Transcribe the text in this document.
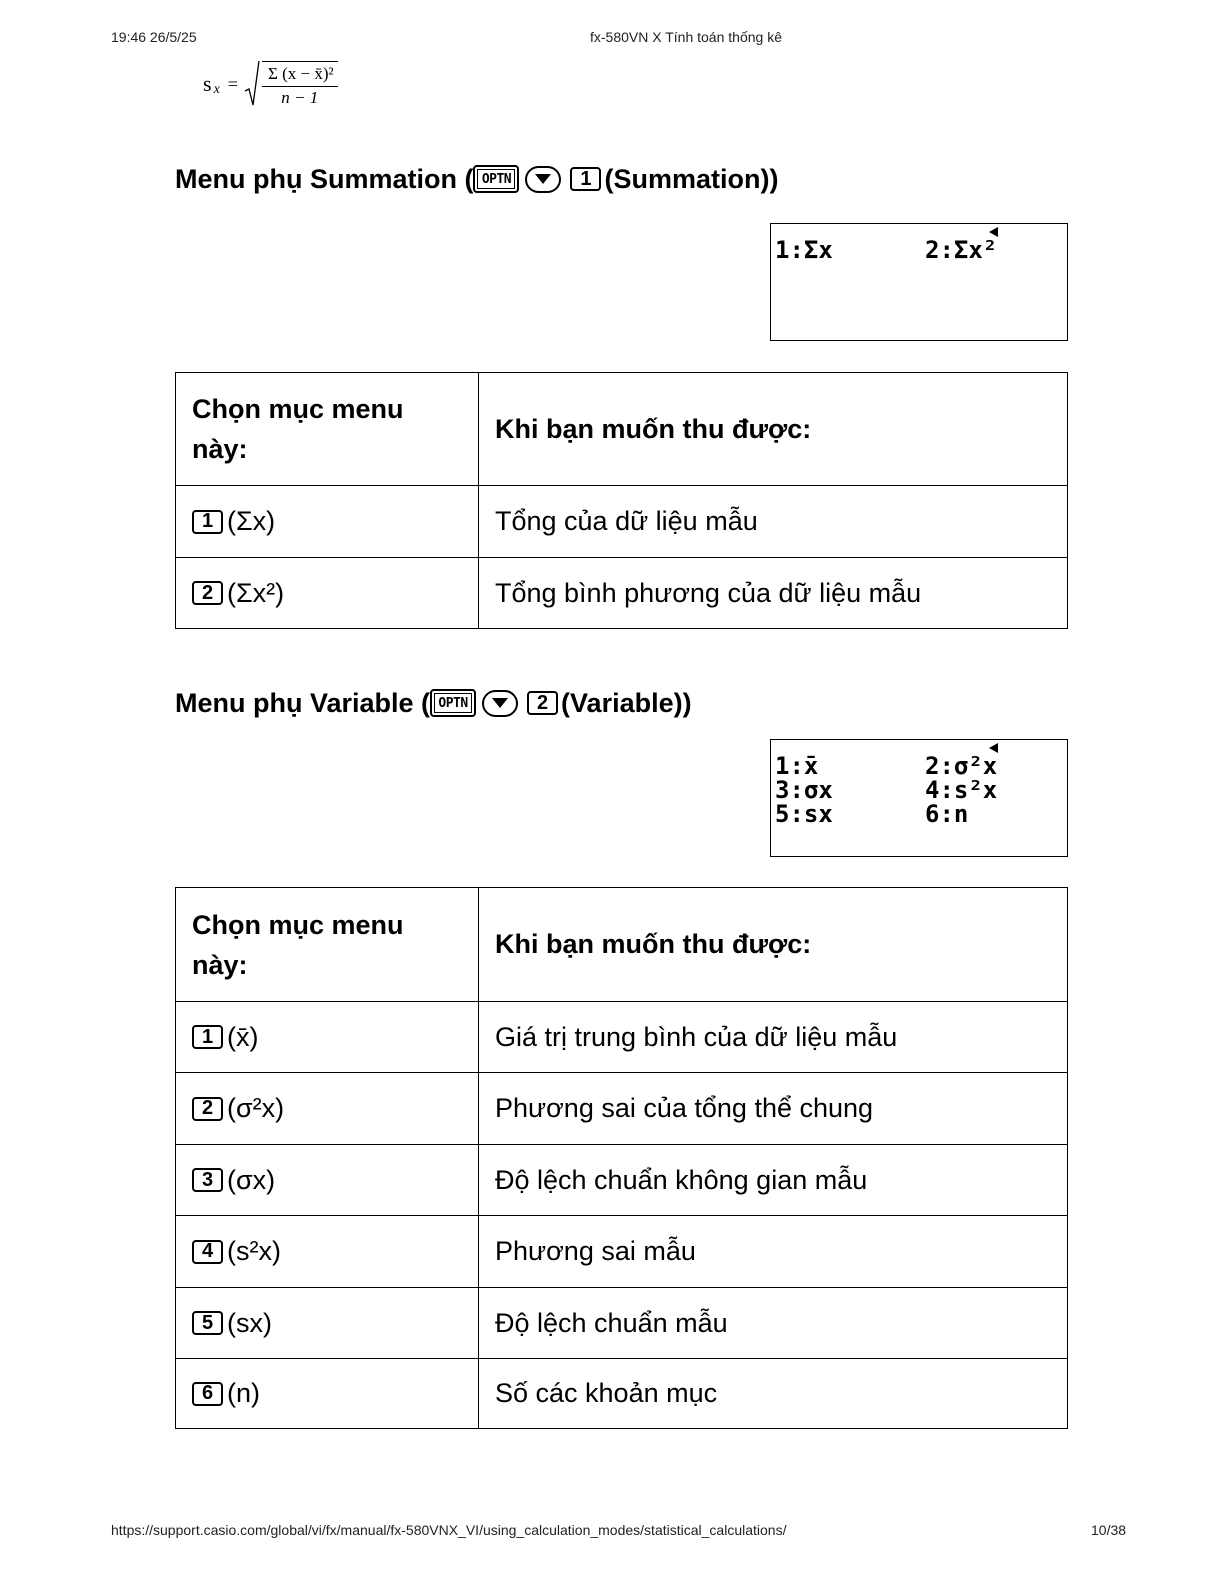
19:46 26/5/25	fx-580VN X Tính toán thống kê
s $x = \frac{\text{Σ (x − x̄)²}}{n - 1}$
Menu phụ Summation ( OPTN	1 (Summation))
1:Σx	2:Σx²
Chọn mục menu này:	Khi bạn muốn thu được:

1 (Σx)	Tổng của dữ liệu mẫu

2 (Σx²)	Tổng bình phương của dữ liệu mẫu
Menu phụ Variable ( OPTN	2 (Variable))
1:x̄	2:σ²x
3:σx	4:s²x
5:sx	6:n
Chọn mục menu này:	Khi bạn muốn thu được:

1 (x̄)	Giá trị trung bình của dữ liệu mẫu

2 (σ²x)	Phương sai của tổng thể chung

3 (σx)	Độ lệch chuẩn không gian mẫu

4 (s²x)	Phương sai mẫu

5 (sx)	Độ lệch chuẩn mẫu

6 (n)	Số các khoản mục
https://support.casio.com/global/vi/fx/manual/fx-580VNX_VI/using_calculation_modes/statistical_calculations/	10/38
